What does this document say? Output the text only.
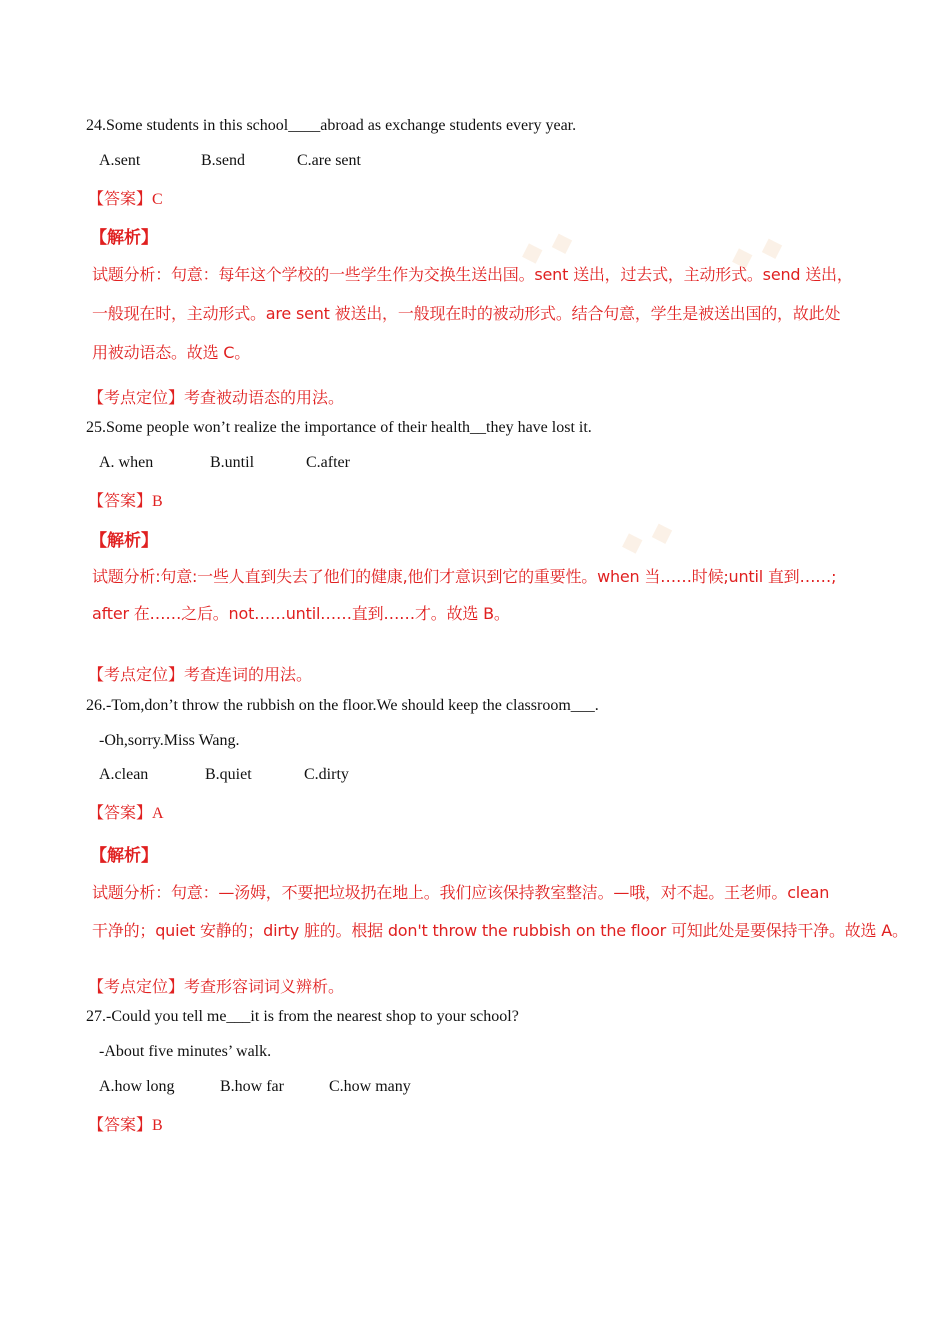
◆ ◆	◆ ◆
◆ ◆
24.Some students in this school____abroad as exchange students every year.
A.sent	B.send	C.are sent
【答案】C
【解析】
试题分析：句意：每年这个学校的一些学生作为交换生送出国。sent 送出，过去式，主动形式。send 送出，
一般现在时，主动形式。are sent 被送出，一般现在时的被动形式。结合句意，学生是被送出国的，故此处
用被动语态。故选 C。
【考点定位】考查被动语态的用法。
25.Some people won’t realize the importance of their health__they have lost it.
A. when	B.until	C.after
【答案】B
【解析】
试题分析:句意:一些人直到失去了他们的健康,他们才意识到它的重要性。when 当……时候;until 直到……;
after 在……之后。not……until……直到……才。故选 B。
【考点定位】考查连词的用法。
26.-Tom,don’t throw the rubbish on the floor.We should keep the classroom___.
-Oh,sorry.Miss Wang.
A.clean	B.quiet	C.dirty
【答案】A
【解析】
试题分析：句意：—汤姆，不要把垃圾扔在地上。我们应该保持教室整洁。—哦，对不起。王老师。clean
干净的；quiet 安静的；dirty 脏的。根据 don't throw the rubbish on the floor 可知此处是要保持干净。故选 A。
【考点定位】考查形容词词义辨析。
27.-Could you tell me___it is from the nearest shop to your school?
-About five minutes’ walk.
A.how long	B.how far	C.how many
【答案】B
